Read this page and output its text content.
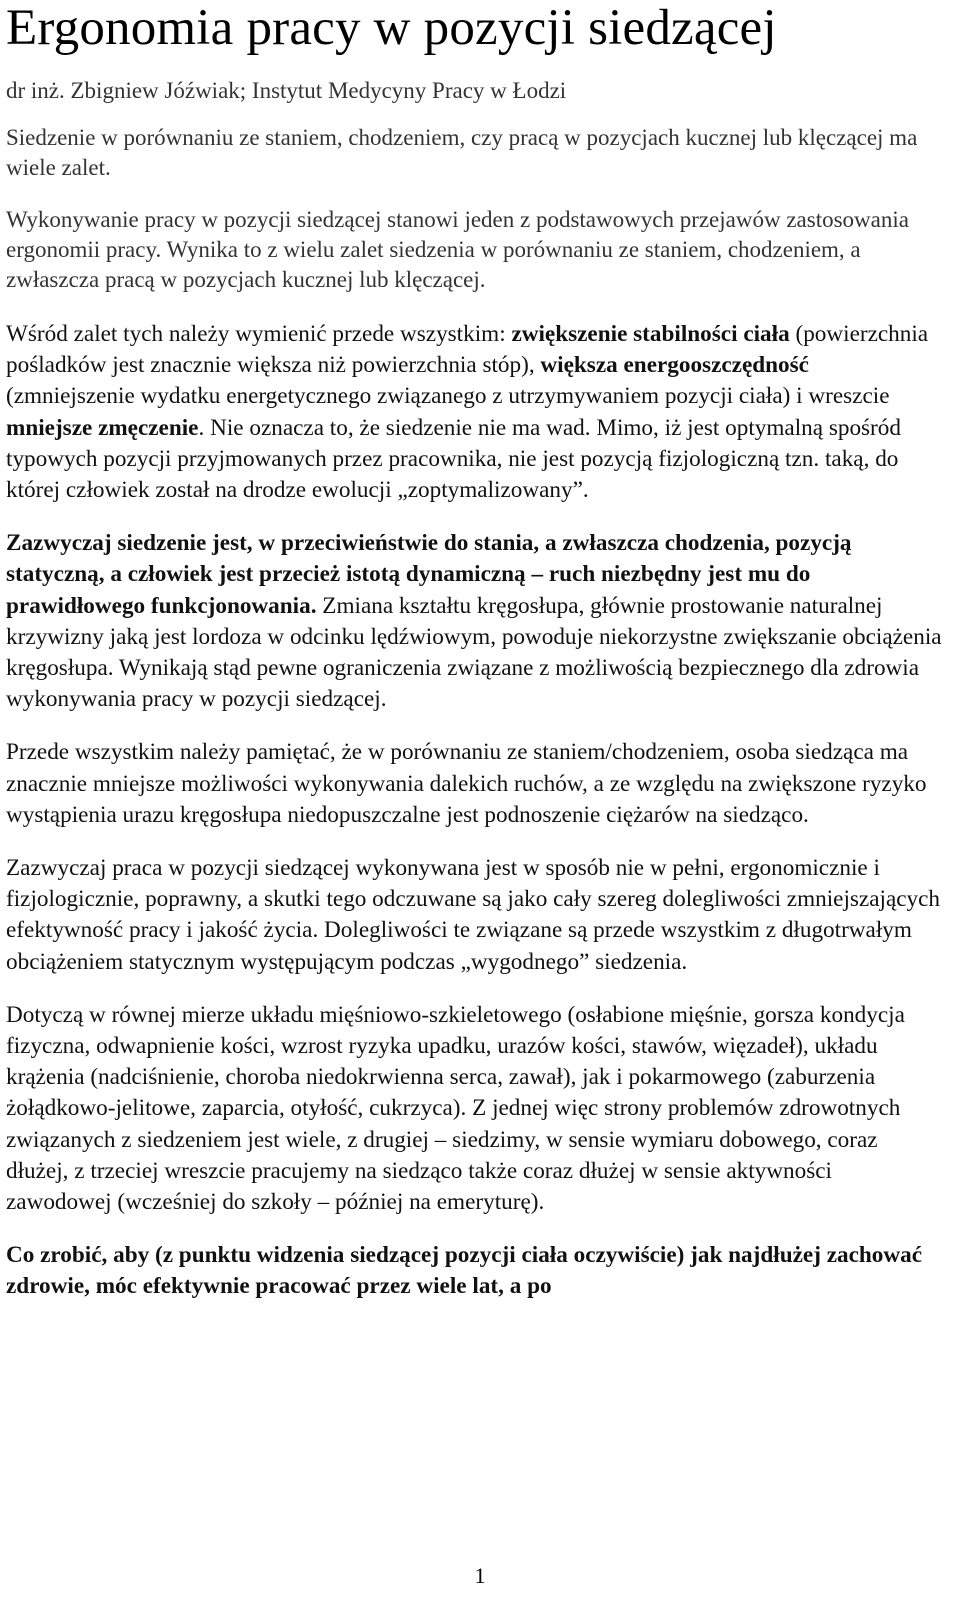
Ergonomia pracy w pozycji siedzącej

dr inż. Zbigniew Jóźwiak; Instytut Medycyny Pracy w Łodzi

Siedzenie w porównaniu ze staniem, chodzeniem, czy pracą w pozycjach kucznej lub klęczącej ma wiele zalet.

Wykonywanie pracy w pozycji siedzącej stanowi jeden z podstawowych przejawów zastosowania ergonomii pracy. Wynika to z wielu zalet siedzenia w porównaniu ze staniem, chodzeniem, a zwłaszcza pracą w pozycjach kucznej lub klęczącej.

Wśród zalet tych należy wymienić przede wszystkim: zwiększenie stabilności ciała (powierzchnia pośladków jest znacznie większa niż powierzchnia stóp), większa energooszczędność (zmniejszenie wydatku energetycznego związanego z utrzymywaniem pozycji ciała) i wreszcie mniejsze zmęczenie. Nie oznacza to, że siedzenie nie ma wad. Mimo, iż jest optymalną spośród typowych pozycji przyjmowanych przez pracownika, nie jest pozycją fizjologiczną tzn. taką, do której człowiek został na drodze ewolucji „zoptymalizowany”.

Zazwyczaj siedzenie jest, w przeciwieństwie do stania, a zwłaszcza chodzenia, pozycją statyczną, a człowiek jest przecież istotą dynamiczną – ruch niezbędny jest mu do prawidłowego funkcjonowania. Zmiana kształtu kręgosłupa, głównie prostowanie naturalnej krzywizny jaką jest lordoza w odcinku lędźwiowym, powoduje niekorzystne zwiększanie obciążenia kręgosłupa. Wynikają stąd pewne ograniczenia związane z możliwością bezpiecznego dla zdrowia wykonywania pracy w pozycji siedzącej.

Przede wszystkim należy pamiętać, że w porównaniu ze staniem/chodzeniem, osoba siedząca ma znacznie mniejsze możliwości wykonywania dalekich ruchów, a ze względu na zwiększone ryzyko wystąpienia urazu kręgosłupa niedopuszczalne jest podnoszenie ciężarów na siedząco.

Zazwyczaj praca w pozycji siedzącej wykonywana jest w sposób nie w pełni, ergonomicznie i fizjologicznie, poprawny, a skutki tego odczuwane są jako cały szereg dolegliwości zmniejszających efektywność pracy i jakość życia. Dolegliwości te związane są przede wszystkim z długotrwałym obciążeniem statycznym występującym podczas „wygodnego” siedzenia.

Dotyczą w równej mierze układu mięśniowo-szkieletowego (osłabione mięśnie, gorsza kondycja fizyczna, odwapnienie kości, wzrost ryzyka upadku, urazów kości, stawów, więzadeł), układu krążenia (nadciśnienie, choroba niedokrwienna serca, zawał), jak i pokarmowego (zaburzenia żołądkowo-jelitowe, zaparcia, otyłość, cukrzyca). Z jednej więc strony problemów zdrowotnych związanych z siedzeniem jest wiele, z drugiej – siedzimy, w sensie wymiaru dobowego, coraz dłużej, z trzeciej wreszcie pracujemy na siedząco także coraz dłużej w sensie aktywności zawodowej (wcześniej do szkoły – później na emeryturę).

Co zrobić, aby (z punktu widzenia siedzącej pozycji ciała oczywiście) jak najdłużej zachować zdrowie, móc efektywnie pracować przez wiele lat, a po

1
